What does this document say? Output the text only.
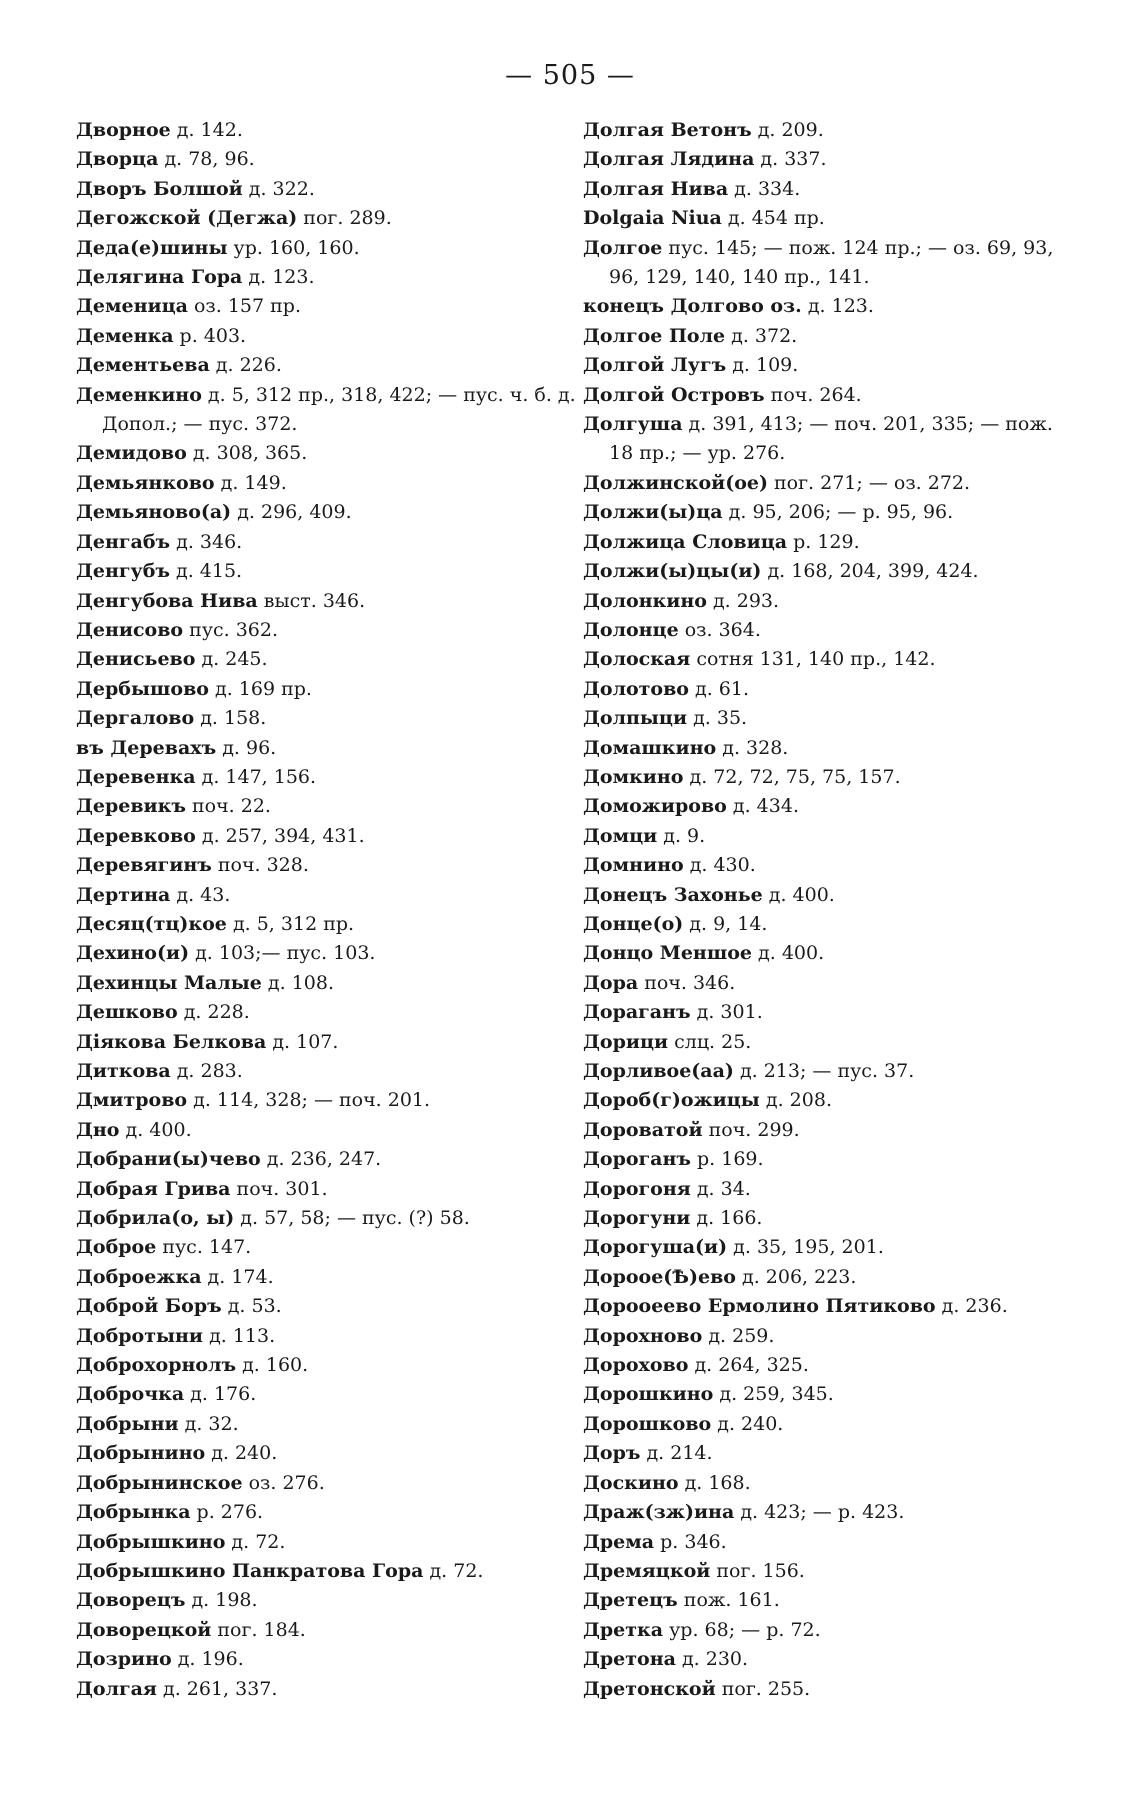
— 505 —
Дворное д. 142.
Дворца д. 78, 96.
Дворъ Болшой д. 322.
Дегожской (Дегжа) пог. 289.
Деда(е)шины ур. 160, 160.
Делягина Гора д. 123.
Деменица оз. 157 пр.
Деменка р. 403.
Дементьева д. 226.
Деменкино д. 5, 312 пр., 318, 422; — пус. ч. б. д. Допол.; — пус. 372.
Демидово д. 308, 365.
Демьянково д. 149.
Демьяново(а) д. 296, 409.
Денгабъ д. 346.
Денгубъ д. 415.
Денгубова Нива выст. 346.
Денисово пус. 362.
Денисьево д. 245.
Дербышово д. 169 пр.
Дергалово д. 158.
въ Деревахъ д. 96.
Деревенка д. 147, 156.
Деревикъ поч. 22.
Деревково д. 257, 394, 431.
Деревягинъ поч. 328.
Дертина д. 43.
Десяц(тц)кое д. 5, 312 пр.
Дехино(и) д. 103;— пус. 103.
Дехинцы Малые д. 108.
Дешково д. 228.
Діякова Белкова д. 107.
Диткова д. 283.
Дмитрово д. 114, 328; — поч. 201.
Дно д. 400.
Добрани(ы)чево д. 236, 247.
Добрая Грива поч. 301.
Добрила(о, ы) д. 57, 58; — пус. (?) 58.
Доброе пус. 147.
Доброежка д. 174.
Доброй Боръ д. 53.
Добротыни д. 113.
Доброхорнолъ д. 160.
Доброчка д. 176.
Добрыни д. 32.
Добрынино д. 240.
Добрынинское оз. 276.
Добрынка р. 276.
Добрышкино д. 72.
Добрышкино Панкратова Гора д. 72.
Доворецъ д. 198.
Доворецкой пог. 184.
Дозрино д. 196.
Долгая д. 261, 337.
Долгая Ветонъ д. 209.
Долгая Лядина д. 337.
Долгая Нива д. 334.
Dolgaia Niua д. 454 пр.
Долгое пус. 145; — пож. 124 пр.; — оз. 69, 93, 96, 129, 140, 140 пр., 141.
конецъ Долгово оз. д. 123.
Долгое Поле д. 372.
Долгой Лугъ д. 109.
Долгой Островъ поч. 264.
Долгуша д. 391, 413; — поч. 201, 335; — пож. 18 пр.; — ур. 276.
Должинской(ое) пог. 271; — оз. 272.
Должи(ы)ца д. 95, 206; — р. 95, 96.
Должица Словица р. 129.
Должи(ы)цы(и) д. 168, 204, 399, 424.
Долонкино д. 293.
Долонце оз. 364.
Долоская сотня 131, 140 пр., 142.
Долотово д. 61.
Долпыци д. 35.
Домашкино д. 328.
Домкино д. 72, 72, 75, 75, 157.
Доможирово д. 434.
Домци д. 9.
Домнино д. 430.
Донецъ Захонье д. 400.
Донце(о) д. 9, 14.
Донцо Меншое д. 400.
Дора поч. 346.
Дораганъ д. 301.
Дорици слц. 25.
Дорливое(аа) д. 213; — пус. 37.
Дороб(г)ожицы д. 208.
Дороватой поч. 299.
Дороганъ р. 169.
Дорогоня д. 34.
Дорогуни д. 166.
Дорогуша(и) д. 35, 195, 201.
Дороое(Ѣ)ево д. 206, 223.
Дорооеево Ермолино Пятиково д. 236.
Дорохново д. 259.
Дорохово д. 264, 325.
Дорошкино д. 259, 345.
Дорошково д. 240.
Доръ д. 214.
Доскино д. 168.
Драж(зж)ина д. 423; — р. 423.
Дрема р. 346.
Дремяцкой пог. 156.
Дретецъ пож. 161.
Дретка ур. 68; — р. 72.
Дретона д. 230.
Дретонской пог. 255.
